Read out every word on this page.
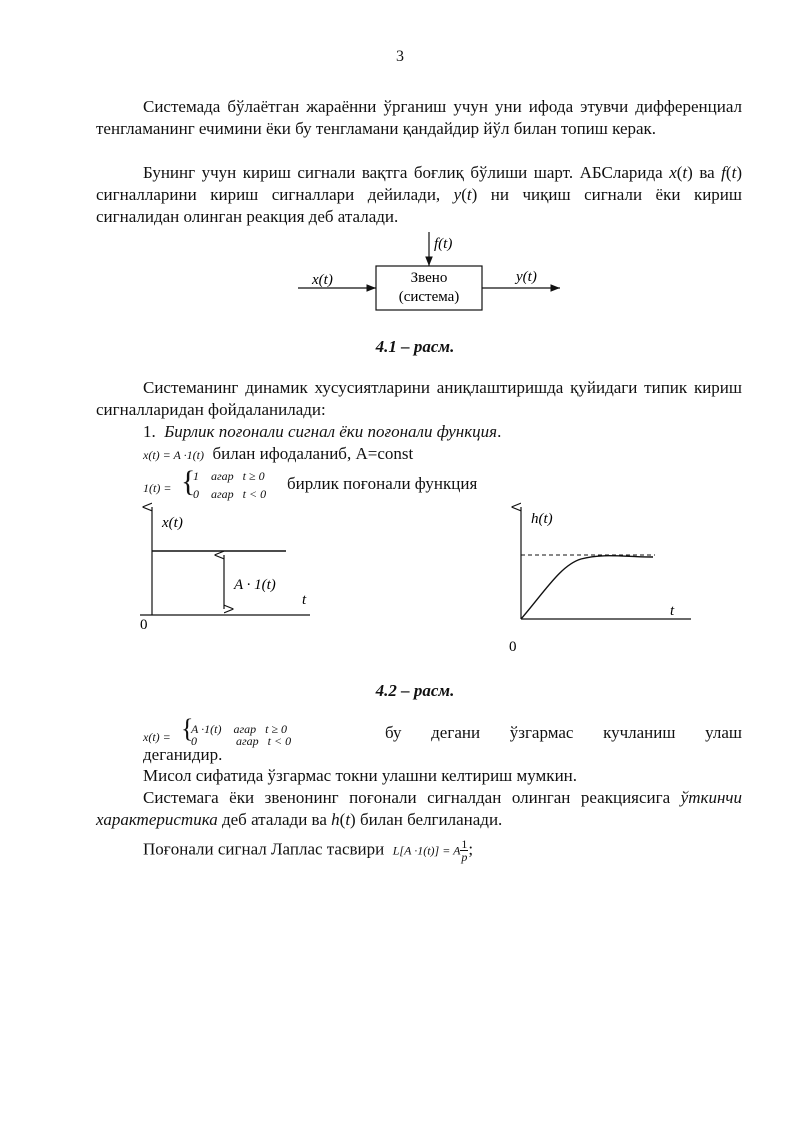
3
Системада бўлаётган жараённи ўрганиш учун уни ифода этувчи дифференциал тенгламанинг ечимини ёки бу тенгламани қандайдир йўл билан топиш керак.
Бунинг учун кириш сигнали вақтга боғлиқ бўлиши шарт. АБСларида x(t) ва f(t) сигналларини кириш сигналлари дейилади, y(t) ни чиқиш сигнали ёки кириш сигналидан олинган реакция деб аталади.
x(t)
f(t)
y(t)
Звено
(система)
4.1 – расм.
Системанинг динамик хусусиятларини аниқлаштиришда қуйидаги типик кириш сигналларидан фойдаланилади:
1. Бирлик поғонали сигнал ёки поғонали функция.
x(t) = A ·1(t) билан ифодаланиб, A=const
1(t) = {
1    агар   t ≥ 0
0    агар   t < 0
бирлик поғонали функция
x(t)
t
0
A · 1(t)
h(t)
t
0
4.2 – расм.
x(t) = {
A ·1(t)    агар   t ≥ 0
0             агар   t < 0	бу дегани ўзгармас кучланиш улаш
деганидир.
Мисол сифатида ўзгармас токни улашни келтириш мумкин.
Системага ёки звенонинг поғонали сигналдан олинган реакциясига ўткинчи характеристика деб аталади ва h(t) билан белгиланади.
Поғонали сигнал Лаплас тасвири L[A ·1(t)] = A $\frac{1}{p}$ ;
